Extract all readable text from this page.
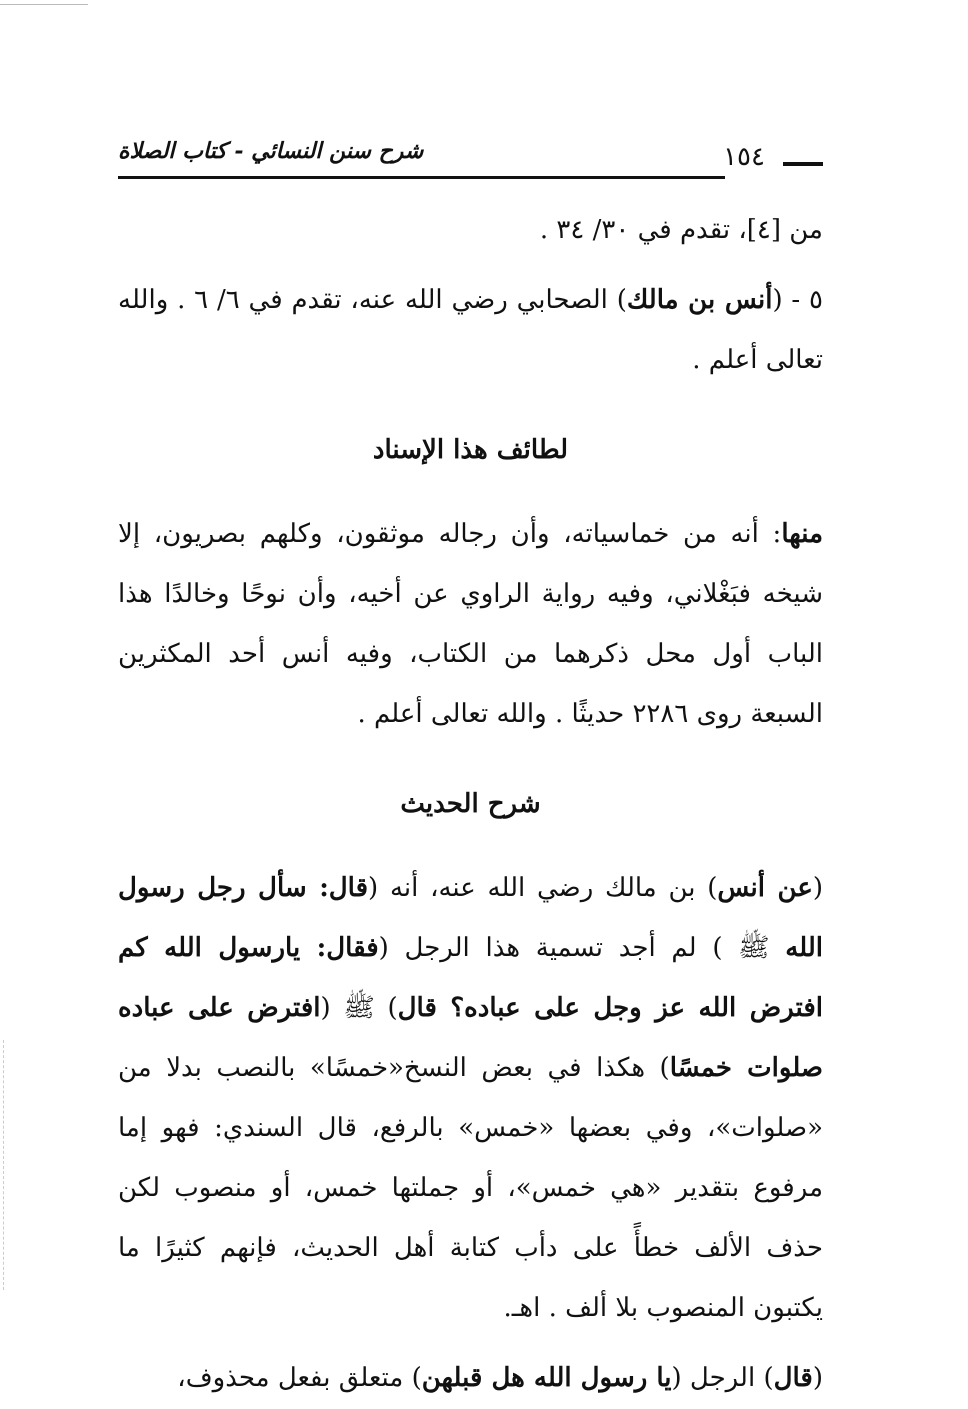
شرح سنن النسائي - كتاب الصلاة	١٥٤

من [٤]، تقدم في ٣٠/ ٣٤ .

٥ - (أنس بن مالك) الصحابي رضي الله عنه، تقدم في ٦/ ٦ . والله تعالى أعلم .

لطائف هذا الإسناد

منها: أنه من خماسياته، وأن رجاله موثقون، وكلهم بصريون، إلا شيخه فبَغْلاني، وفيه رواية الراوي عن أخيه، وأن نوحًا وخالدًا هذا الباب أول محل ذكرهما من الكتاب، وفيه أنس أحد المكثرين السبعة روى ٢٢٨٦ حديثًا . والله تعالى أعلم .

شرح الحديث

(عن أنس) بن مالك رضي الله عنه، أنه (قال: سأل رجل رسول الله ﷺ ) لم أجد تسمية هذا الرجل (فقال: يارسول الله كم افترض الله عز وجل على عباده؟ قال) ﷺ (افترض على عباده صلوات خمسًا) هكذا في بعض النسخ«خمسًا» بالنصب بدلا من «صلوات»، وفي بعضها «خمس» بالرفع، قال السندي: فهو إما مرفوع بتقدير «هي خمس»، أو جملتها خمس، أو منصوب لكن حذف الألف خطأً على دأب كتابة أهل الحديث، فإنهم كثيرًا ما يكتبون المنصوب بلا ألف . اهـ.

(قال) الرجل (يا رسول الله هل قبلهن) متعلق بفعل محذوف،
